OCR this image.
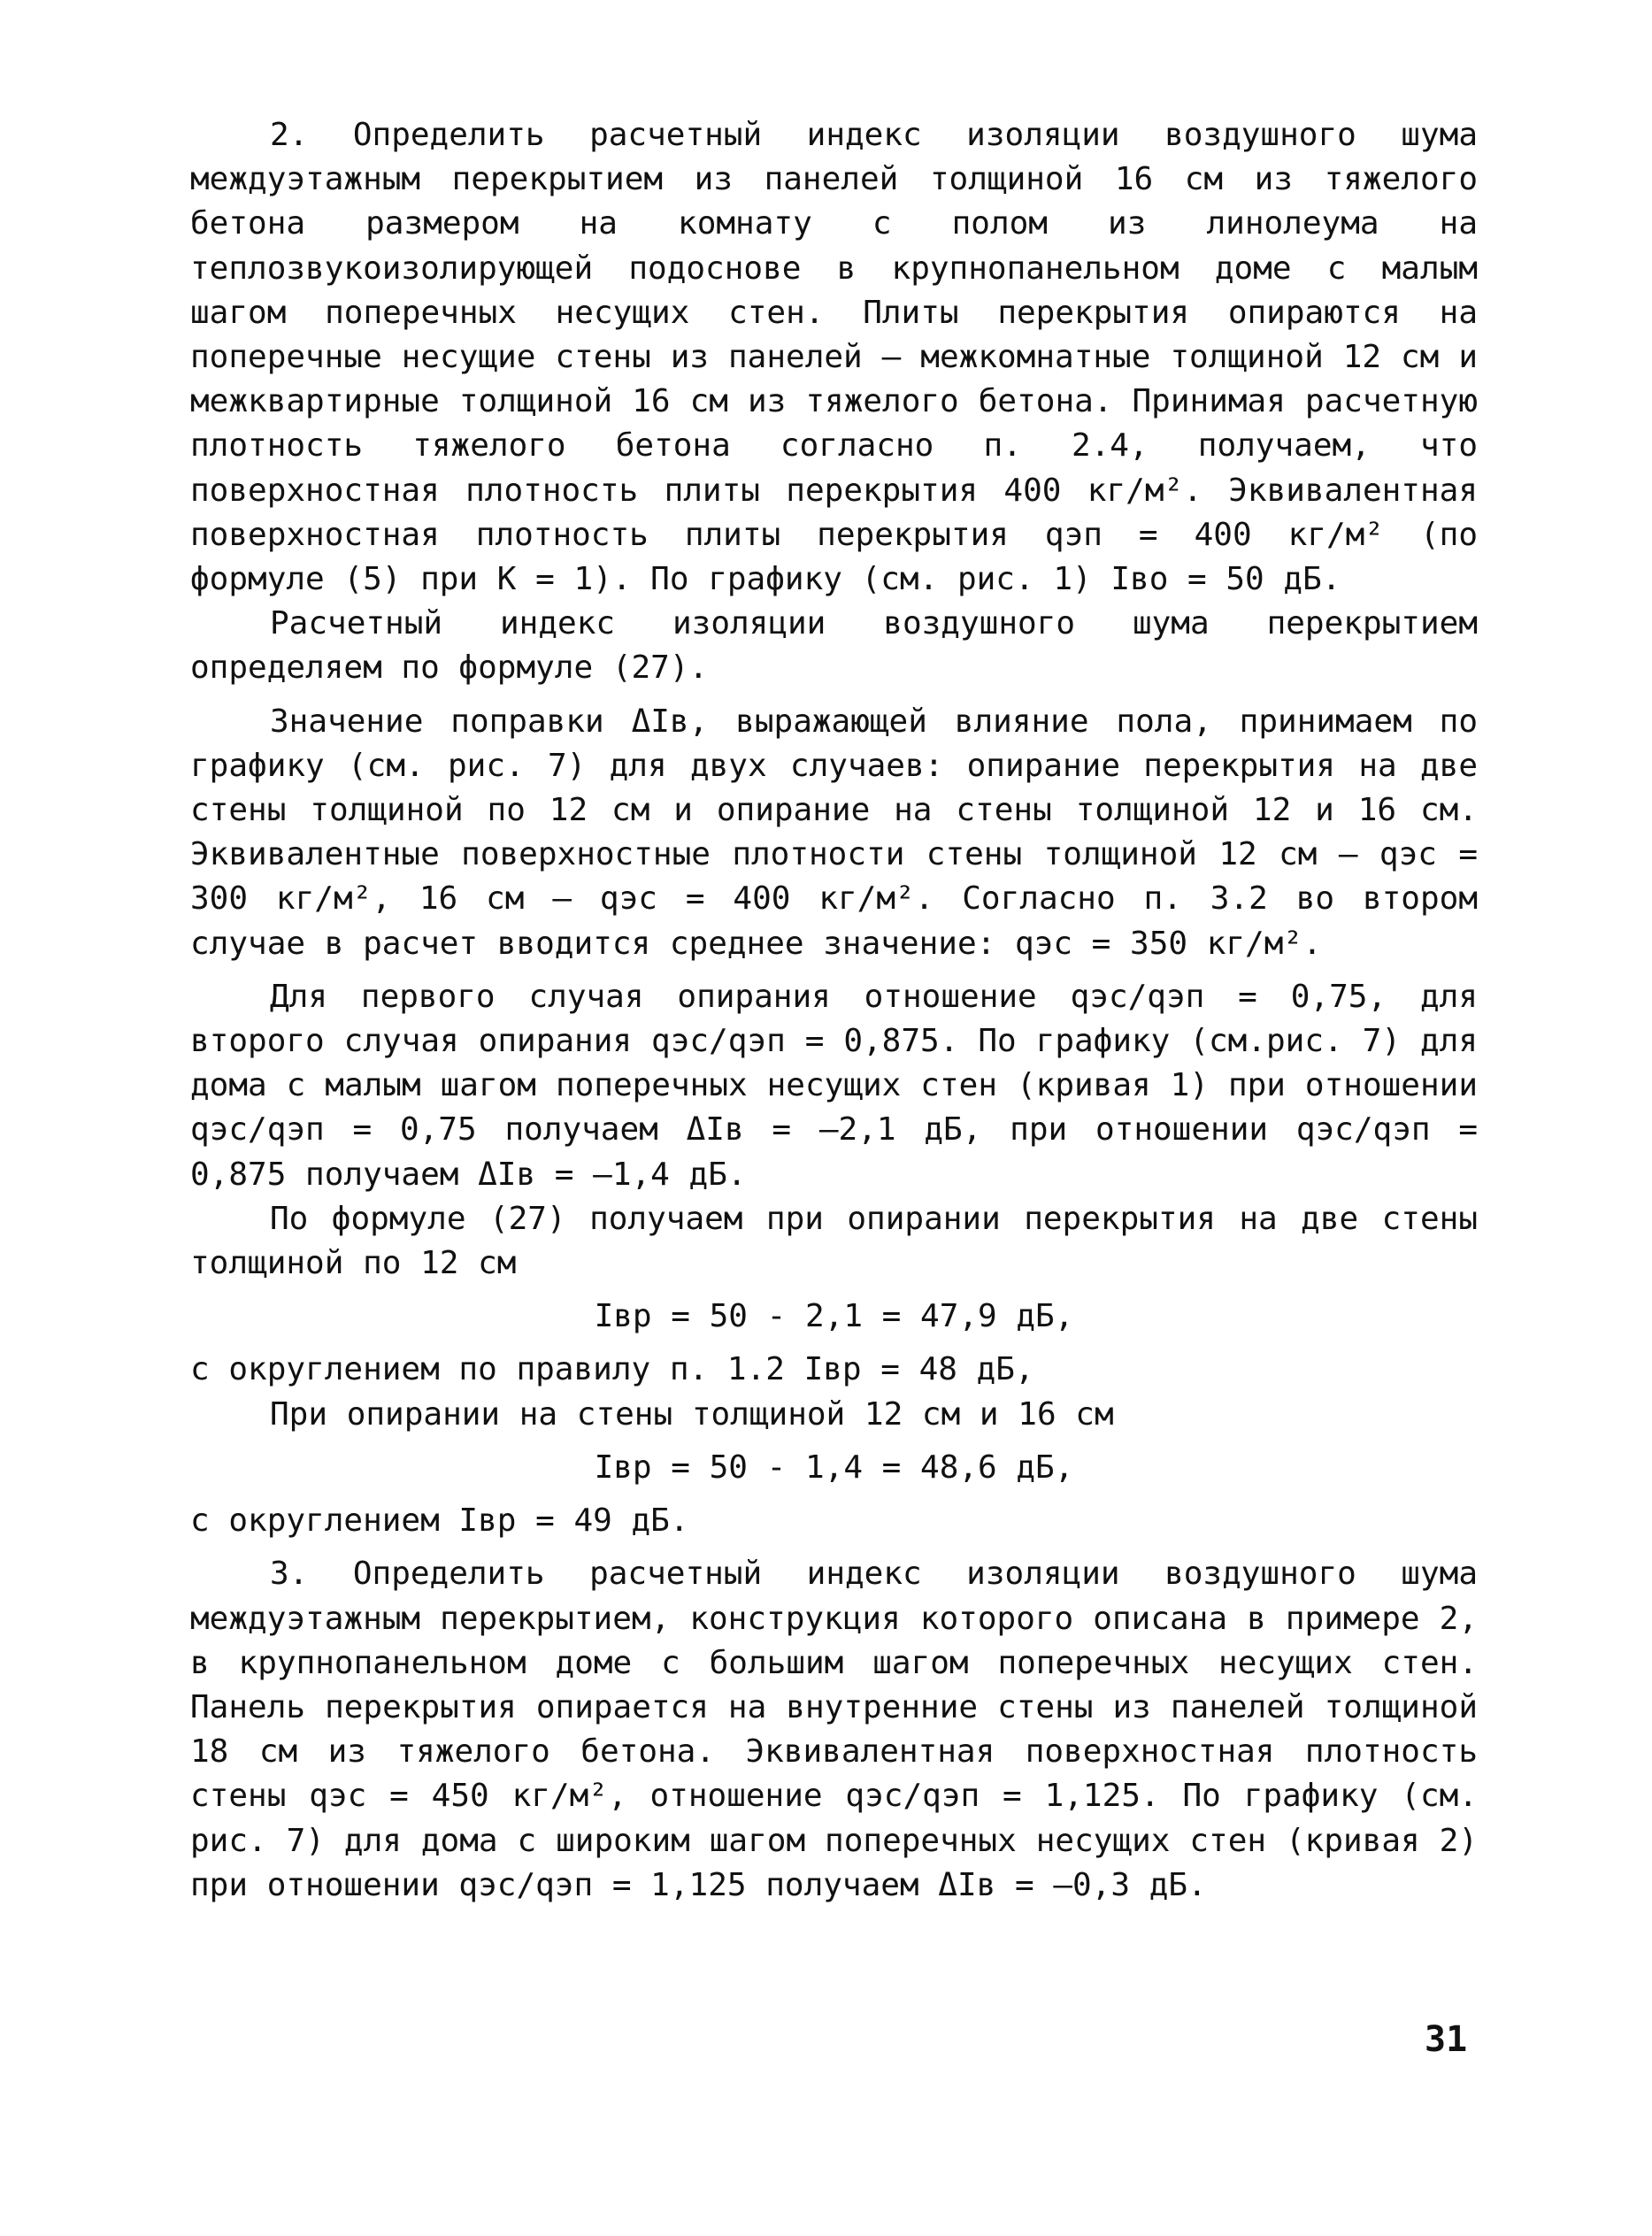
2. Определить расчетный индекс изоляции воздушного шума междуэтажным перекрытием из панелей толщиной 16 см из тяжелого бетона размером на комнату с полом из линолеума на теплозвукоизолирующей подоснове в крупнопанельном доме с малым шагом поперечных несущих стен. Плиты перекрытия опираются на поперечные несущие стены из панелей – межкомнатные толщиной 12 см и межквартирные толщиной 16 см из тяжелого бетона. Принимая расчетную плотность тяжелого бетона согласно п. 2.4, получаем, что поверхностная плотность плиты перекрытия 400 кг/м². Эквивалентная поверхностная плотность плиты перекрытия qэп = 400 кг/м² (по формуле (5) при K = 1). По графику (см. рис. 1) Iво = 50 дБ.

Расчетный индекс изоляции воздушного шума перекрытием определяем по формуле (27).

Значение поправки ΔIв, выражающей влияние пола, принимаем по графику (см. рис. 7) для двух случаев: опирание перекрытия на две стены толщиной по 12 см и опирание на стены толщиной 12 и 16 см. Эквивалентные поверхностные плотности стены толщиной 12 см – qэс = 300 кг/м², 16 см – qэс = 400 кг/м². Согласно п. 3.2 во втором случае в расчет вводится среднее значение: qэс = 350 кг/м².

Для первого случая опирания отношение qэс/qэп = 0,75, для второго случая опирания qэс/qэп = 0,875. По графику (см.рис. 7) для дома с малым шагом поперечных несущих стен (кривая 1) при отношении qэс/qэп = 0,75 получаем ΔIв = –2,1 дБ, при отношении qэс/qэп = 0,875 получаем ΔIв = –1,4 дБ.

По формуле (27) получаем при опирании перекрытия на две стены толщиной по 12 см

Iвр = 50 - 2,1 = 47,9 дБ,

с округлением по правилу п. 1.2 Iвр = 48 дБ,

При опирании на стены толщиной 12 см и 16 см

Iвр = 50 - 1,4 = 48,6 дБ,

с округлением Iвр = 49 дБ.

3. Определить расчетный индекс изоляции воздушного шума междуэтажным перекрытием, конструкция которого описана в примере 2, в крупнопанельном доме с большим шагом поперечных несущих стен. Панель перекрытия опирается на внутренние стены из панелей толщиной 18 см из тяжелого бетона. Эквивалентная поверхностная плотность стены qэс = 450 кг/м², отношение qэс/qэп = 1,125. По графику (см. рис. 7) для дома с широким шагом поперечных несущих стен (кривая 2) при отношении qэс/qэп = 1,125 получаем ΔIв = –0,3 дБ.

31
